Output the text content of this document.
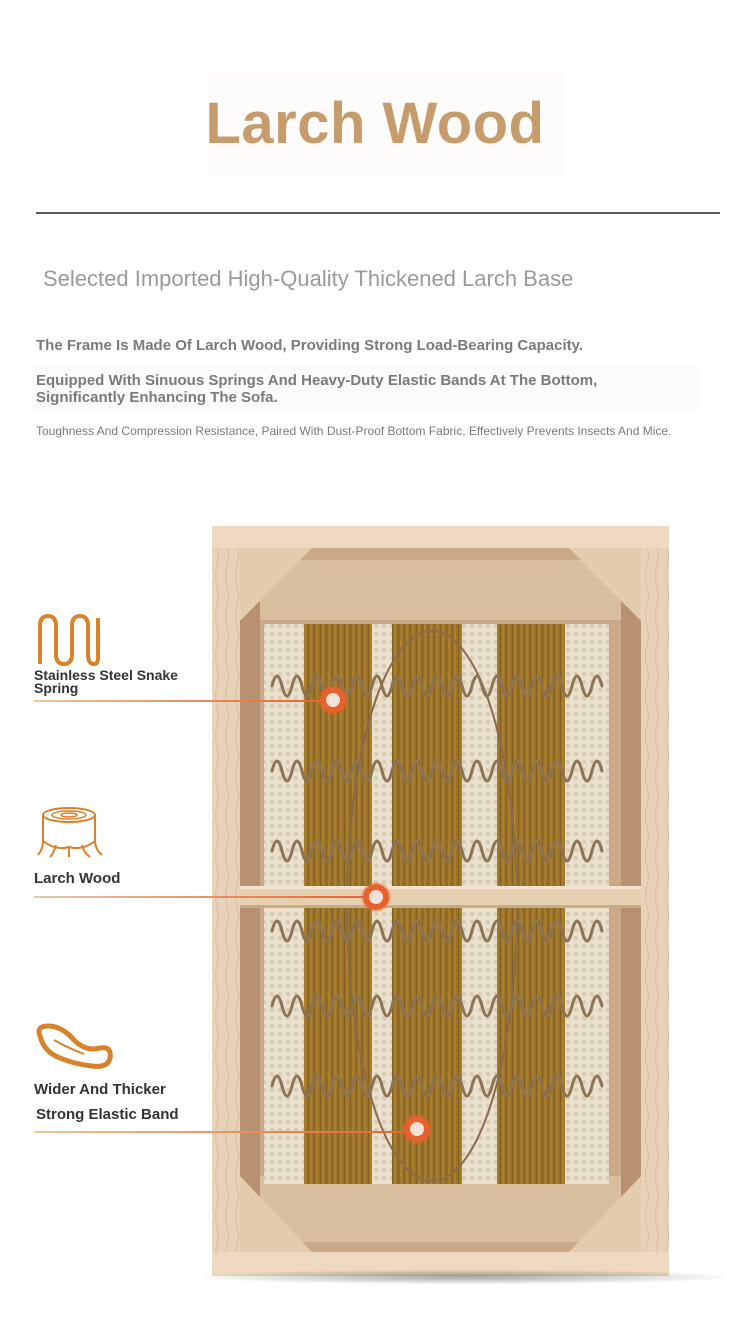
Larch Wood
Selected Imported High-Quality Thickened Larch Base
The Frame Is Made Of Larch Wood, Providing Strong Load-Bearing Capacity.
Equipped With Sinuous Springs And Heavy-Duty Elastic Bands At The Bottom, Significantly Enhancing The Sofa.
Toughness And Compression Resistance, Paired With Dust-Proof Bottom Fabric, Effectively Prevents Insects And Mice.
Stainless Steel Snake
Spring
Larch Wood
Wider And Thicker
Strong Elastic Band
